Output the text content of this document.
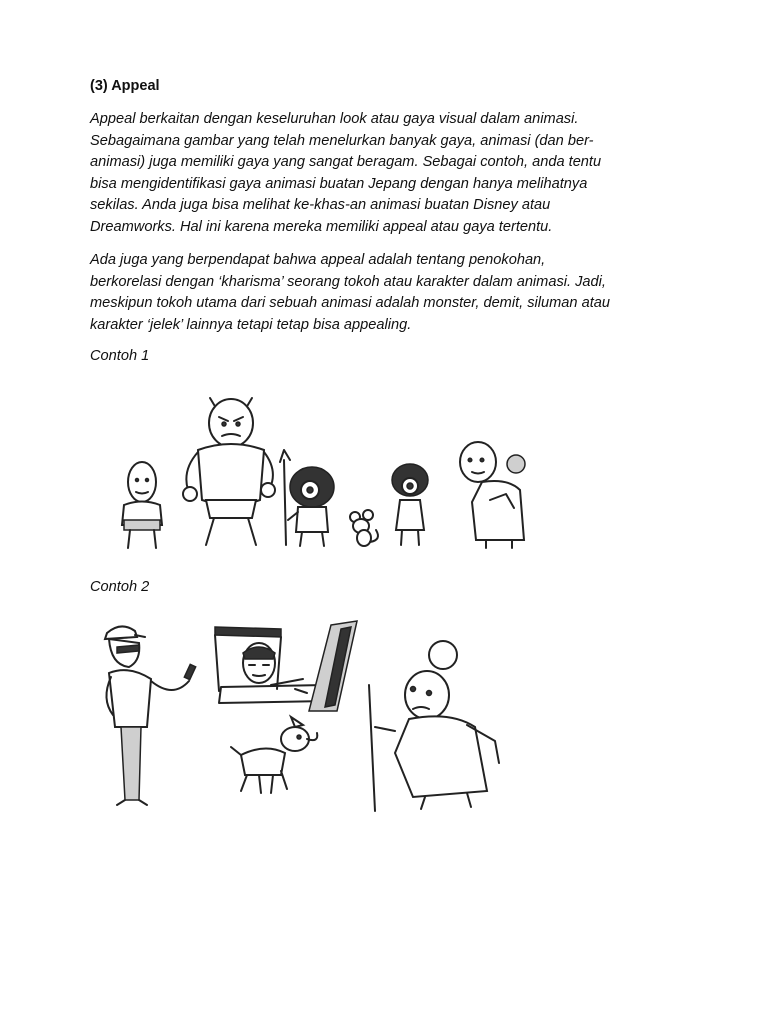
(3) Appeal

Appeal berkaitan dengan keseluruhan look atau gaya visual dalam animasi.
Sebagaimana gambar yang telah menelurkan banyak gaya, animasi (dan ber-
animasi) juga memiliki gaya yang sangat beragam. Sebagai contoh, anda tentu
bisa mengidentifikasi gaya animasi buatan Jepang dengan hanya melihatnya
sekilas. Anda juga bisa melihat ke-khas-an animasi buatan Disney atau
Dreamworks. Hal ini karena mereka memiliki appeal atau gaya tertentu.

Ada juga yang berpendapat bahwa appeal adalah tentang penokohan,
berkorelasi dengan ‘kharisma’ seorang tokoh atau karakter dalam animasi. Jadi,
meskipun tokoh utama dari sebuah animasi adalah monster, demit, siluman atau
karakter ‘jelek’ lainnya tetapi tetap bisa appealing.

Contoh 1

Contoh 2
